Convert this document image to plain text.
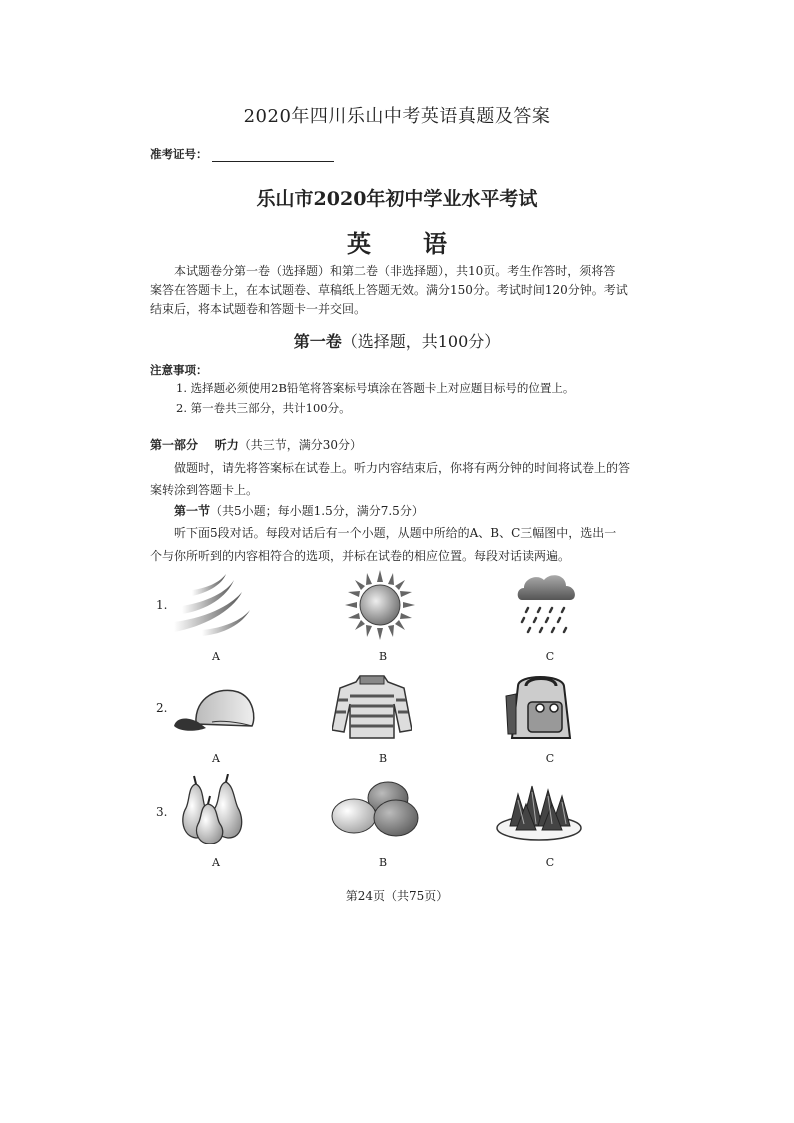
2020年四川乐山中考英语真题及答案
准考证号：
乐山市2020年初中学业水平考试
英语
本试题卷分第一卷（选择题）和第二卷（非选择题），共10页。考生作答时，须将答
案答在答题卡上，在本试题卷、草稿纸上答题无效。满分150分。考试时间120分钟。考试
结束后，将本试题卷和答题卡一并交回。
第一卷（选择题，共100分）
注意事项：
1. 选择题必须使用2B铅笔将答案标号填涂在答题卡上对应题目标号的位置上。
2. 第一卷共三部分，共计100分。
第一部分    听力（共三节，满分30分）
做题时，请先将答案标在试卷上。听力内容结束后，你将有两分钟的时间将试卷上的答
案转涂到答题卡上。
第一节（共5小题；每小题1.5分，满分7.5分）
听下面5段对话。每段对话后有一个小题，从题中所给的A、B、C三幅图中，选出一
个与你所听到的内容相符合的选项，并标在试卷的相应位置。每段对话读两遍。
1.
A	B	C
2.
A	B	C
3.
A	B	C
第24页（共75页）
